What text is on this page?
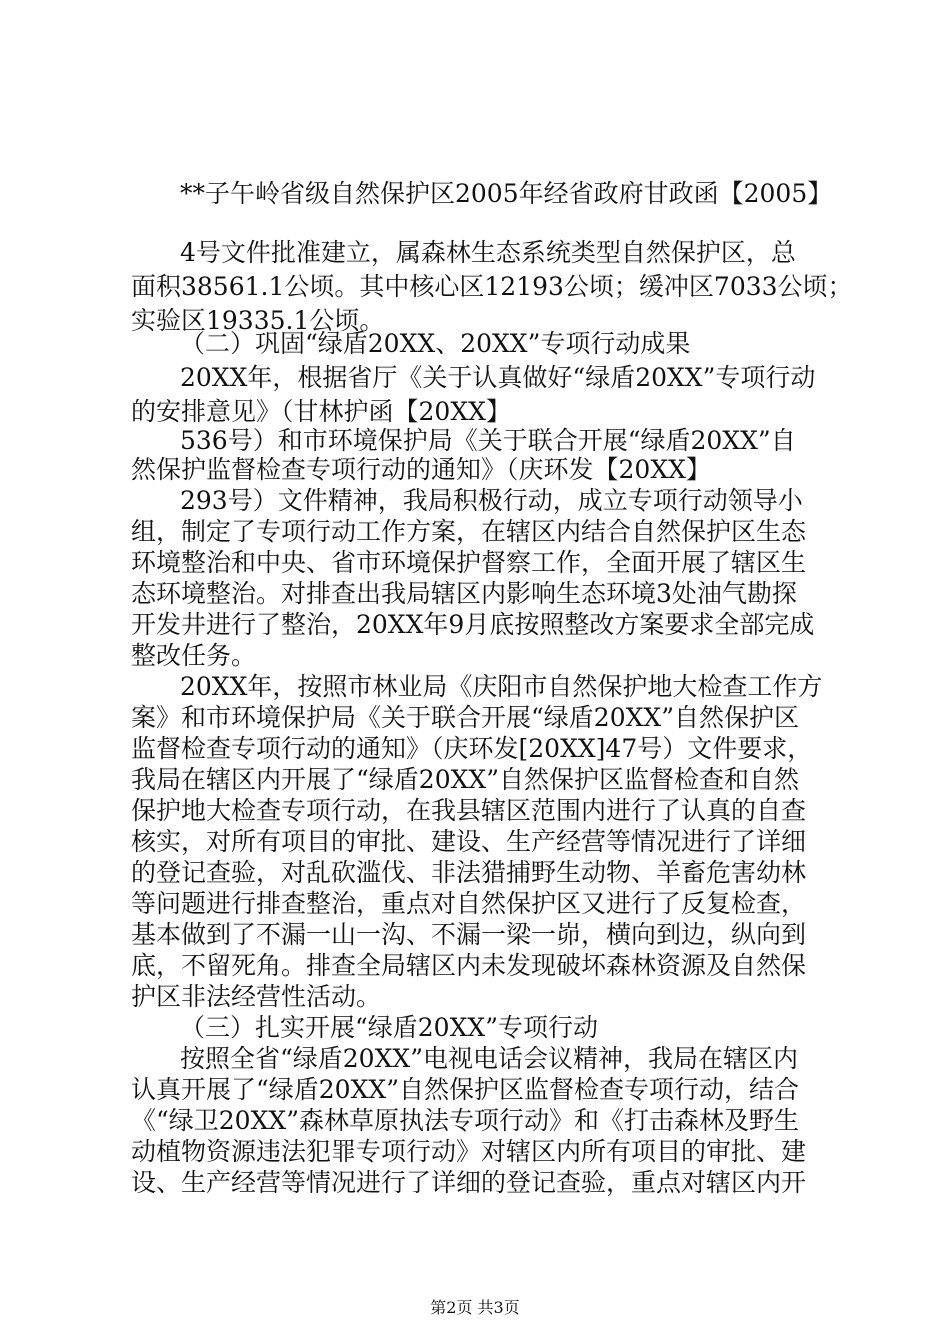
**子午岭省级自然保护区2005年经省政府甘政函【2005】
4号文件批准建立，属森林生态系统类型自然保护区，总
面积38561.1公顷。其中核心区12193公顷；缓冲区7033公顷；
实验区19335.1公顷。
（二）巩固“绿盾20XX、20XX”专项行动成果
20XX年，根据省厅《关于认真做好“绿盾20XX”专项行动
的安排意见》（甘林护函【20XX】
536号）和市环境保护局《关于联合开展“绿盾20XX”自
然保护监督检查专项行动的通知》（庆环发【20XX】
293号）文件精神，我局积极行动，成立专项行动领导小
组，制定了专项行动工作方案，在辖区内结合自然保护区生态
环境整治和中央、省市环境保护督察工作，全面开展了辖区生
态环境整治。对排查出我局辖区内影响生态环境3处油气勘探
开发井进行了整治，20XX年9月底按照整改方案要求全部完成
整改任务。
20XX年，按照市林业局《庆阳市自然保护地大检查工作方
案》和市环境保护局《关于联合开展“绿盾20XX”自然保护区
监督检查专项行动的通知》（庆环发[20XX]47号）文件要求，
我局在辖区内开展了“绿盾20XX”自然保护区监督检查和自然
保护地大检查专项行动，在我县辖区范围内进行了认真的自查
核实，对所有项目的审批、建设、生产经营等情况进行了详细
的登记查验，对乱砍滥伐、非法猎捕野生动物、羊畜危害幼林
等问题进行排查整治，重点对自然保护区又进行了反复检查，
基本做到了不漏一山一沟、不漏一梁一峁，横向到边，纵向到
底，不留死角。排查全局辖区内未发现破坏森林资源及自然保
护区非法经营性活动。
（三）扎实开展“绿盾20XX”专项行动
按照全省“绿盾20XX”电视电话会议精神，我局在辖区内
认真开展了“绿盾20XX”自然保护区监督检查专项行动，结合
《“绿卫20XX”森林草原执法专项行动》和《打击森林及野生
动植物资源违法犯罪专项行动》对辖区内所有项目的审批、建
设、生产经营等情况进行了详细的登记查验，重点对辖区内开
第2页 共3页
